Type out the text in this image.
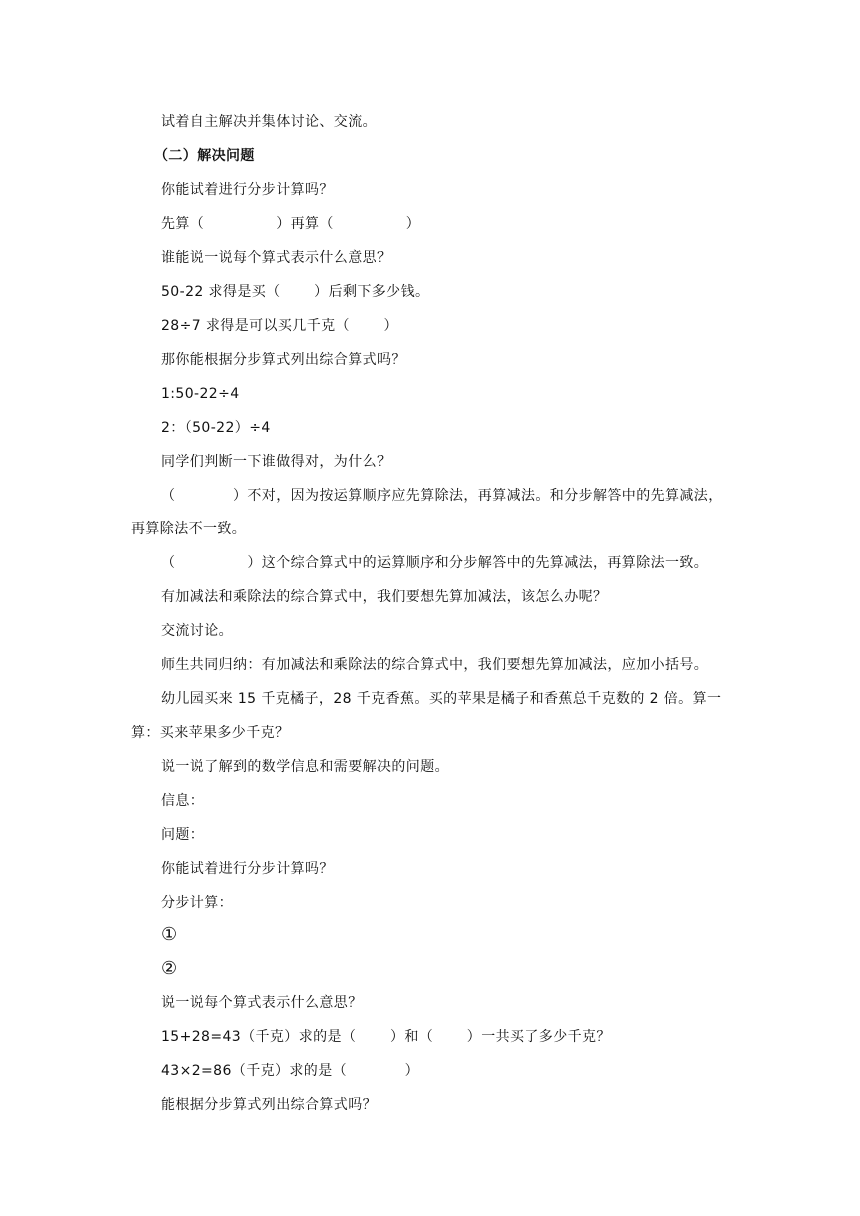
试着自主解决并集体讨论、交流。
（二）解决问题
你能试着进行分步计算吗？
先算（　　　　　）再算（　　　　　）
谁能说一说每个算式表示什么意思？
50-22 求得是买（　　 ）后剩下多少钱。
28÷7 求得是可以买几千克（　　 ）
那你能根据分步算式列出综合算式吗？
1:50-22÷4
2：（50-22）÷4
同学们判断一下谁做得对，为什么？
（　　　　）不对，因为按运算顺序应先算除法，再算减法。和分步解答中的先算减法，
再算除法不一致。
（　　　　　）这个综合算式中的运算顺序和分步解答中的先算减法，再算除法一致。
有加减法和乘除法的综合算式中，我们要想先算加减法，该怎么办呢？
交流讨论。
师生共同归纳：有加减法和乘除法的综合算式中，我们要想先算加减法，应加小括号。
幼儿园买来 15 千克橘子，28 千克香蕉。买的苹果是橘子和香蕉总千克数的 2 倍。算一
算：买来苹果多少千克？
说一说了解到的数学信息和需要解决的问题。
信息：
问题：
你能试着进行分步计算吗？
分步计算：
①
②
说一说每个算式表示什么意思？
15+28=43（千克）求的是（　　 ）和（　　 ）一共买了多少千克？
43×2=86（千克）求的是（　　　　）
能根据分步算式列出综合算式吗？
